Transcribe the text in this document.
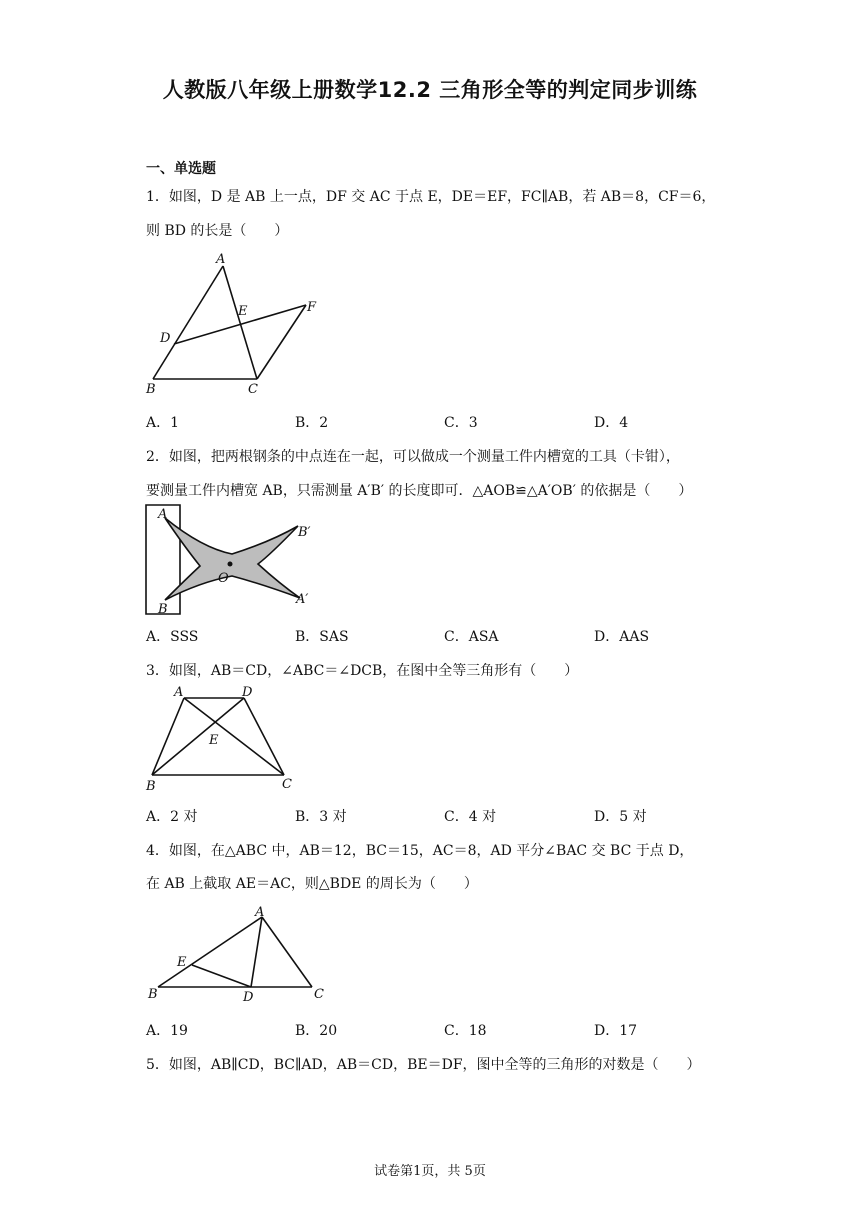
人教版八年级上册数学12.2 三角形全等的判定同步训练
一、单选题
1．如图，D 是 AB 上一点，DF 交 AC 于点 E，DE＝EF，FC∥AB，若 AB＝8，CF＝6，
则 BD 的长是（　　）
A
B	C
D
E	F
A．1	B．2	C．3	D．4
2．如图，把两根钢条的中点连在一起，可以做成一个测量工件内槽宽的工具（卡钳），
要测量工件内槽宽 AB，只需测量 A′B′ 的长度即可．△AOB≌△A′OB′ 的依据是（　　）
A
B
O
A′
B′
A．SSS	B．SAS	C．ASA	D．AAS
3．如图，AB＝CD，∠ABC＝∠DCB，在图中全等三角形有（　　）
A	D
B	C
E
A．2 对	B．3 对	C．4 对	D．5 对
4．如图，在△ABC 中，AB＝12，BC＝15，AC＝8，AD 平分∠BAC 交 BC 于点 D，
在 AB 上截取 AE＝AC，则△BDE 的周长为（　　）
A
B	C
D
E
A．19	B．20	C．18	D．17
5．如图，AB∥CD，BC∥AD，AB＝CD，BE＝DF，图中全等的三角形的对数是（　　）
试卷第1页，共 5页
